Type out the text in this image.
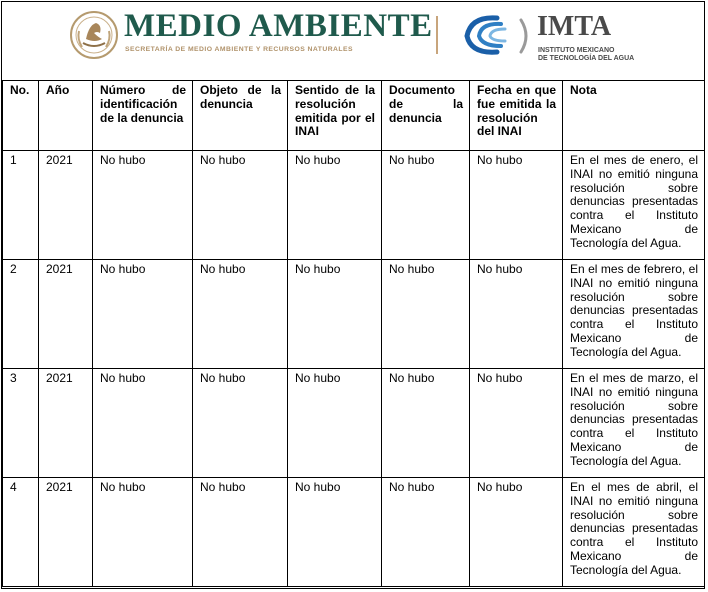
MEDIO AMBIENTE
SECRETARÍA DE MEDIO AMBIENTE Y RECURSOS NATURALES
IMTA
INSTITUTO MEXICANO
DE TECNOLOGÍA DEL AGUA
No.	Año	Número de identificación de la denuncia	Objeto de la denuncia	Sentido de la resolución emitida por el INAI	Documento de la denuncia	Fecha en que fue emitida la resolución del INAI	Nota
1	2021	No hubo	No hubo	No hubo	No hubo	No hubo	En el mes de enero, el INAI no emitió ninguna resolución sobre denuncias presentadas contra el Instituto Mexicano de Tecnología del Agua.
2	2021	No hubo	No hubo	No hubo	No hubo	No hubo	En el mes de febrero, el INAI no emitió ninguna resolución sobre denuncias presentadas contra el Instituto Mexicano de Tecnología del Agua.
3	2021	No hubo	No hubo	No hubo	No hubo	No hubo	En el mes de marzo, el INAI no emitió ninguna resolución sobre denuncias presentadas contra el Instituto Mexicano de Tecnología del Agua.
4	2021	No hubo	No hubo	No hubo	No hubo	No hubo	En el mes de abril, el INAI no emitió ninguna resolución sobre denuncias presentadas contra el Instituto Mexicano de Tecnología del Agua.
